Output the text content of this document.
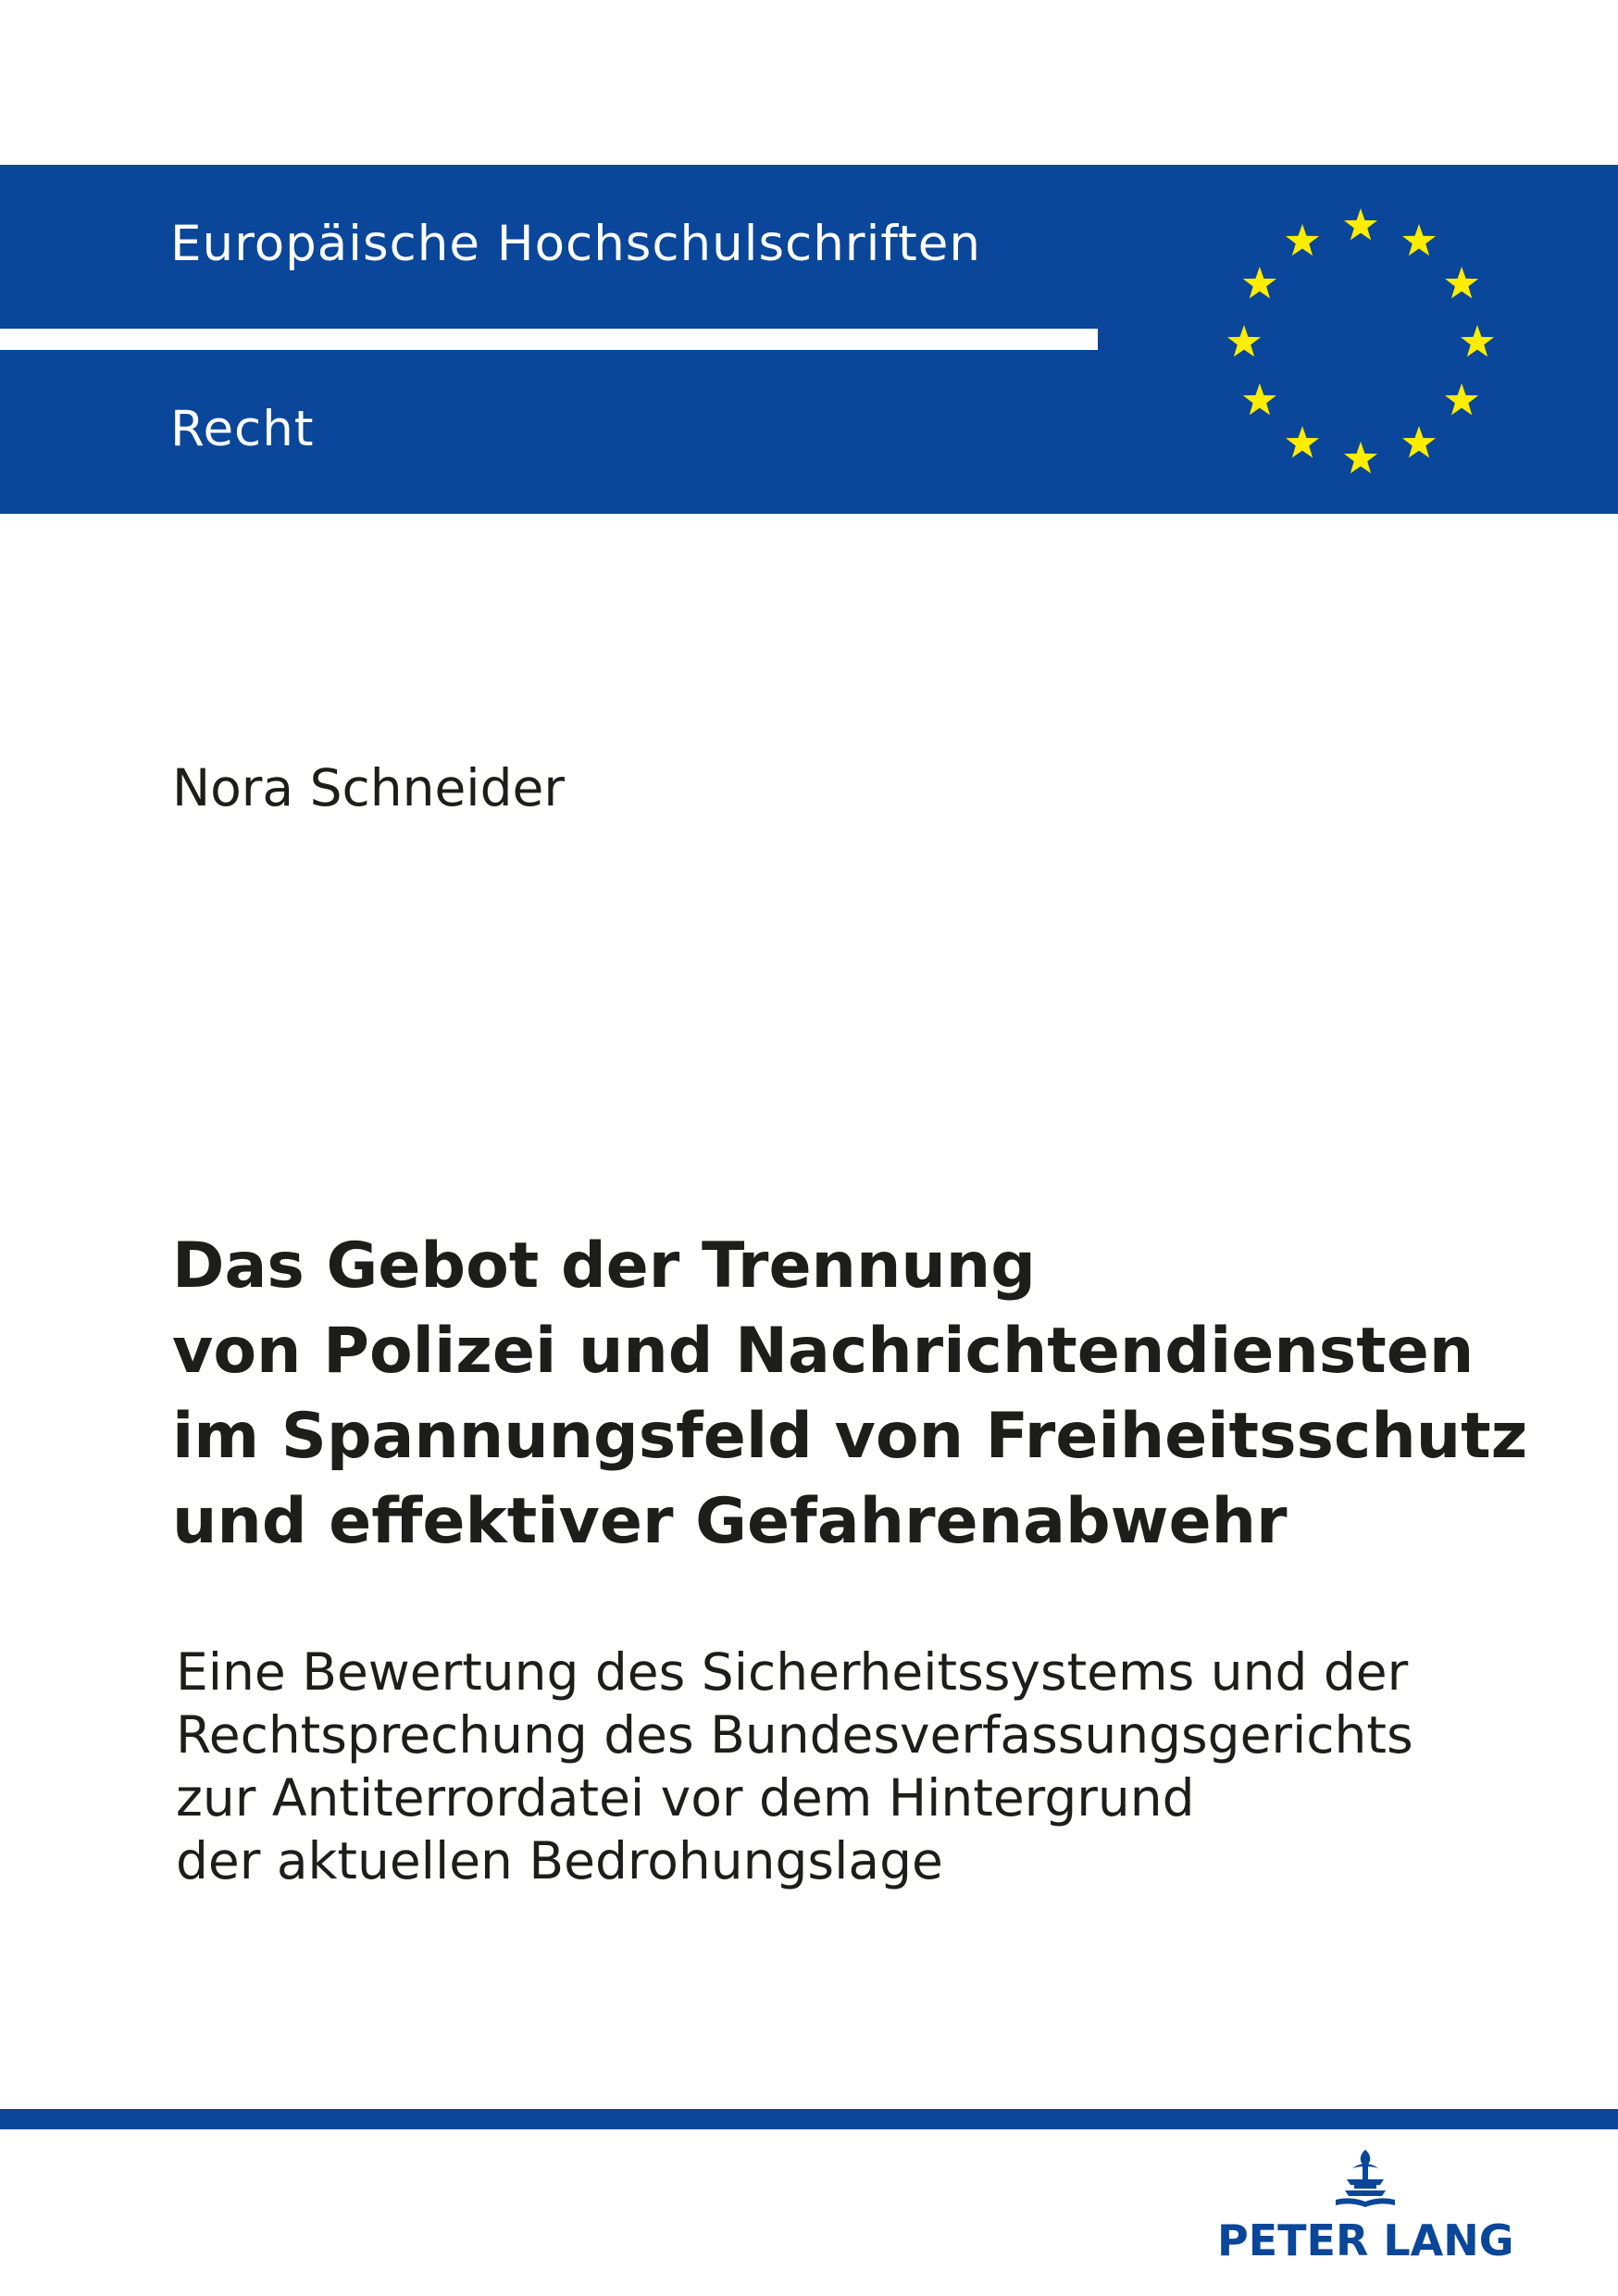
Europäische Hochschulschriften
Recht
Nora Schneider
Das Gebot der Trennung
von Polizei und Nachrichtendiensten
im Spannungsfeld von Freiheitsschutz
und effektiver Gefahrenabwehr
Eine Bewertung des Sicherheitssystems und der
Rechtsprechung des Bundesverfassungsgerichts
zur Antiterrordatei vor dem Hintergrund
der aktuellen Bedrohungslage
PETER LANG
